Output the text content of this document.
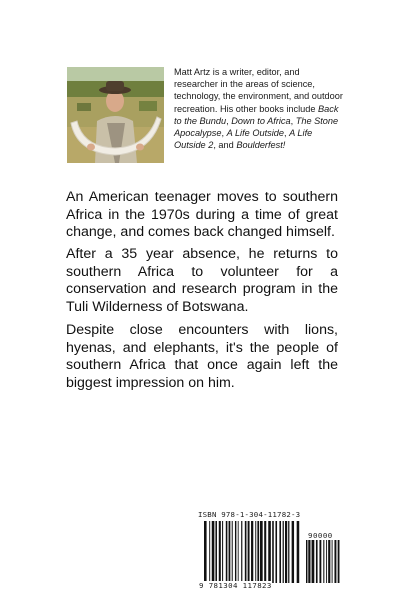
Matt Artz is a writer, editor, and researcher in the areas of science, technology, the environment, and outdoor recreation. His other books include Back to the Bundu, Down to Africa, The Stone Apocalypse, A Life Outside, A Life Outside 2, and Boulderfest!

An American teenager moves to southern Africa in the 1970s during a time of great change, and comes back changed himself.

After a 35 year absence, he returns to southern Africa to volunteer for a conservation and research program in the Tuli Wilderness of Botswana.

Despite close encounters with lions, hyenas, and elephants, it's the people of southern Africa that once again left the biggest impression on him.

ISBN 978-1-304-11782-3
90000
9 781304 117823
